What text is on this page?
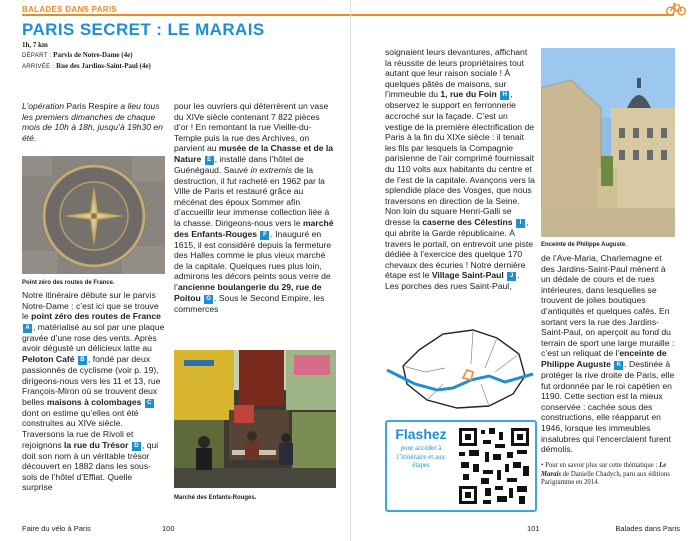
BALADES DANS PARIS
PARIS SECRET : LE MARAIS
1h, 7 km
DÉPART : Parvis de Notre-Dame (4e)
ARRIVÉE : Rue des Jardins-Saint-Paul (4e)

L’opération Paris Respire a lieu tous les premiers dimanches de chaque mois de 10h à 18h, jusqu’à 19h30 en été.

Point zéro des routes de France.

Notre itinéraire débute sur le parvis Notre-Dame : c’est ici que se trouve le point zéro des routes de FranceA , matérialisé au sol par une plaque gravée d’une rose des vents. Après avoir dégusté un délicieux latte au Peloton Café B , fondé par deux passionnés de cyclisme (voir p. 19), dirigeons-nous vers les 11 et 13, rue François-Miron où se trouvent deux belles maisons à colombages C dont on estime qu’elles ont été construites au XIVe siècle. Traversons la rue de Rivoli et rejoignons la rue du Trésor D , qui doit son nom à un véritable trésor découvert en 1882 dans les sous-sols de l’hôtel d’Effiat. Quelle surprise

pour les ouvriers qui dëterrèrent un vase du XIVe siècle contenant 7 822 pièces d’or ! En remontant la rue Vieille-du-Temple puis la rue des Archives, on parvient au musée de la Chasse et de la Nature E , installé dans l’hôtel de Guénégaud. Sauvé in extremis de la destruction, il fut racheté en 1962 par la Ville de Paris et restauré grâce au mécénat des époux Sommer afin d’accueillir leur immense collection liée à la chasse. Dirigeons-nous vers le marché des Enfants-Rouges F . Inauguré en 1615, il est considéré depuis la fermeture des Halles comme le plus vieux marché de la capitale. Quelques rues plus loin, admirons les décors peints sous verre de l’ancienne boulangerie du 29, rue de Poitou G . Sous le Second Empire, les commerces

Marché des Enfants-Rouges.
Faire du vélo à Paris	100

soignaient leurs devantures, affichant la réussite de leurs propriétaires tout autant que leur raison sociale ! À quelques pâtés de maisons, sur l’immeuble du 1, rue du Foin H , observez le support en ferronnerie accroché sur la façade. C’est un vestige de la première électrification de Paris à la fin du XIXe siècle : il tenait les fils par lesquels la Compagnie parisienne de l’air comprimé fournissait du 110 volts aux habitants du centre et de l’est de la capitale. Avançons vers la splendide place des Vosges, que nous traversons en direction de la Seine. Non loin du square Henri-Galli se dresse la caserne des Célestins I , qui abrite la Garde républicaine. À travers le portail, on entrevoit une piste dédiée à l’exercice des quelque 170 chevaux des écuries ! Notre dernière étape est le Village Saint-Paul J . Les porches des rues Saint-Paul,

Flashez
pour accéder à l’itinéraire et aux étapes
Enceinte de Philippe Auguste.

de l’Ave-Maria, Charlemagne et des Jardins-Saint-Paul mènent à un dédale de cours et de rues intérieures, dans lesquelles se trouvent de jolies boutiques d’antiquités et quelques cafés. En sortant vers la rue des Jardins-Saint-Paul, on aperçoit au fond du terrain de sport une large muraille : c’est un reliquat de l’enceinte de Philippe Auguste K . Destinée à protéger la rive droite de Paris, elle fut ordonnée par le roi capétien en 1190. Cette section est la mieux conservée : cachée sous des constructions, elle réapparut en 1946, lorsque les immeubles insalubres qui l’encerclaient furent démolis.

• Pour en savoir plus sur cette thématique : Le Marais de Danielle Chadych, paru aux éditions Parigramme en 2014.
101	Balades dans Paris
